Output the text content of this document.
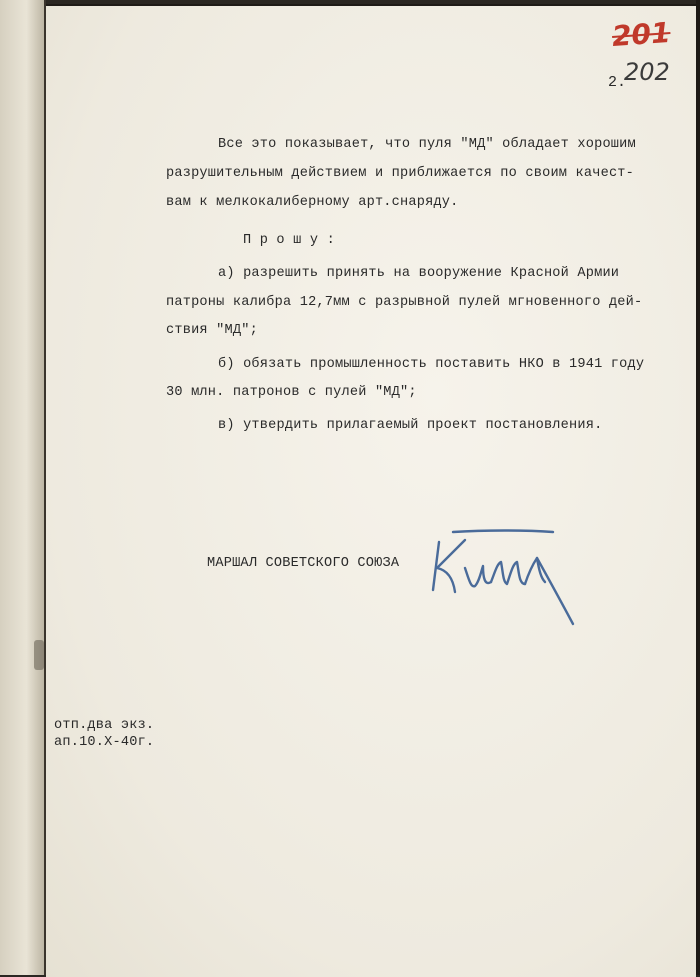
201
2.202
Все это показывает, что пуля "МД" обладает хорошим
разрушительным действием и приближается по своим качест-
вам к мелкокалиберному арт.снаряду.
П р о ш у :
а) разрешить принять на вооружение Красной Армии
патроны калибра 12,7мм с разрывной пулей мгновенного дей-
ствия "МД";
б) обязать промышленность поставить НКО в 1941 году
30 млн. патронов с пулей "МД";
в) утвердить прилагаемый проект постановления.
МАРШАЛ СОВЕТСКОГО СОЮЗА
Кулик
отп.два экз.
ап.10.Х-40г.
